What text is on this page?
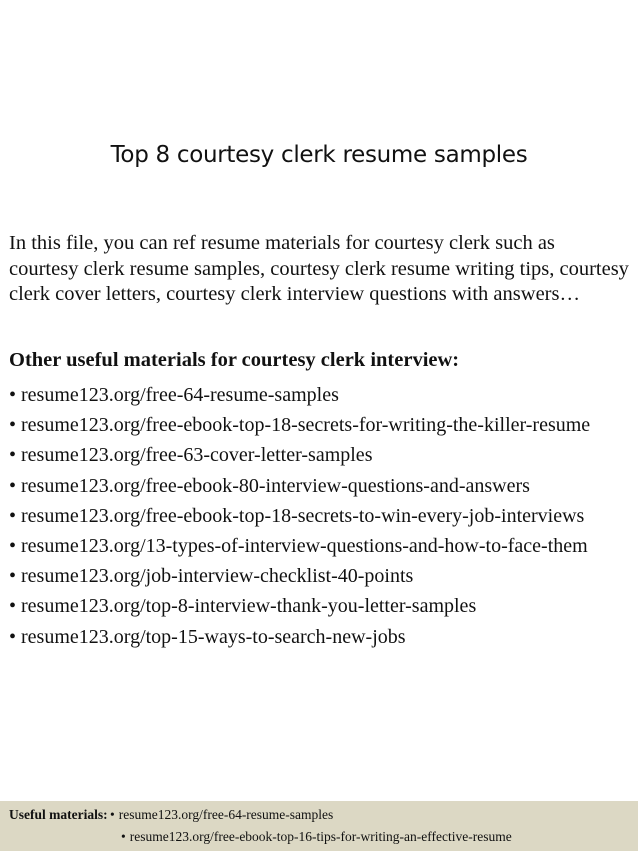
Top 8 courtesy clerk resume samples
In this file, you can ref resume materials for courtesy clerk such as courtesy clerk resume samples, courtesy clerk resume writing tips, courtesy clerk cover letters, courtesy clerk interview questions with answers…
Other useful materials for courtesy clerk interview:
• resume123.org/free-64-resume-samples
• resume123.org/free-ebook-top-18-secrets-for-writing-the-killer-resume
• resume123.org/free-63-cover-letter-samples
• resume123.org/free-ebook-80-interview-questions-and-answers
• resume123.org/free-ebook-top-18-secrets-to-win-every-job-interviews
• resume123.org/13-types-of-interview-questions-and-how-to-face-them
• resume123.org/job-interview-checklist-40-points
• resume123.org/top-8-interview-thank-you-letter-samples
• resume123.org/top-15-ways-to-search-new-jobs
Useful materials: • resume123.org/free-64-resume-samples
• resume123.org/free-ebook-top-16-tips-for-writing-an-effective-resume
